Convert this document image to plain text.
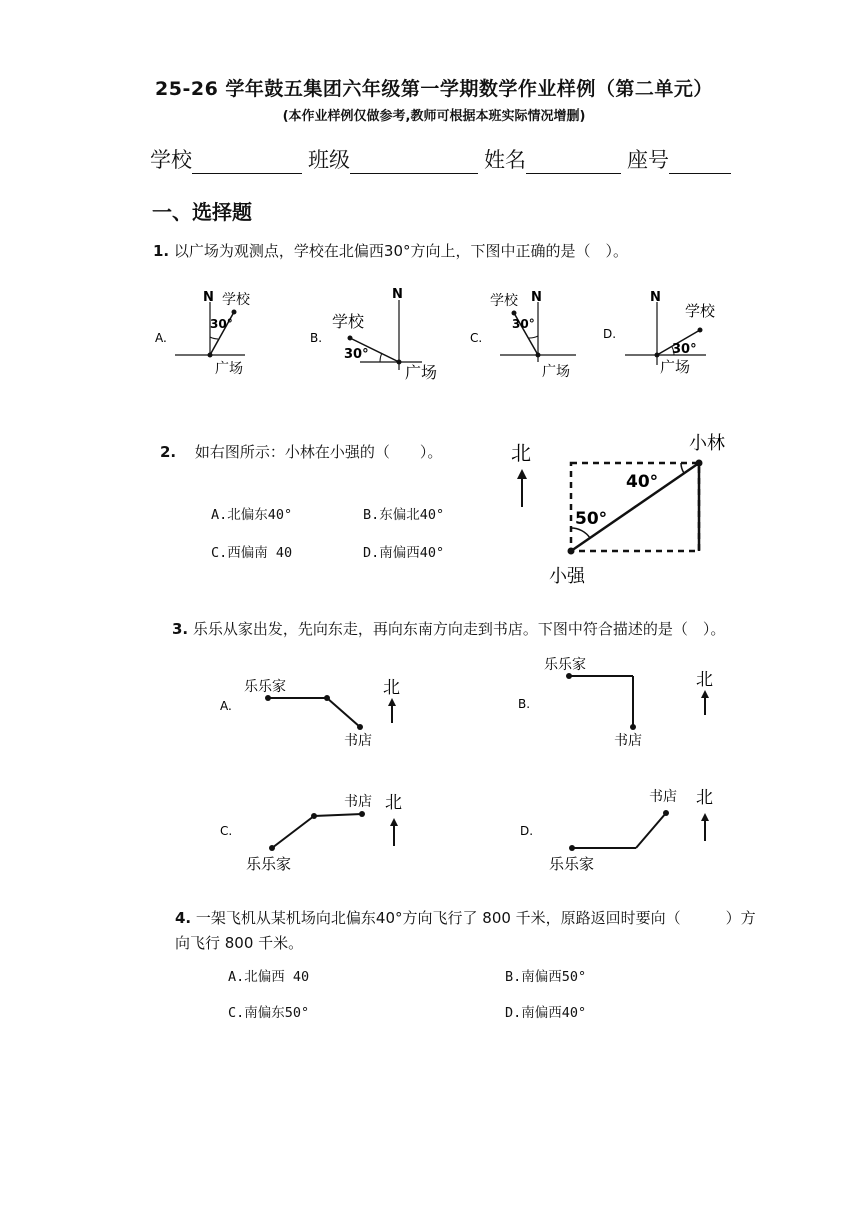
25-26 学年鼓五集团六年级第一学期数学作业样例（第二单元）
(本作业样例仅做参考,教师可根据本班实际情况增删)
学校	班级	姓名	座号
一、选择题
1. 以广场为观测点，学校在北偏西30°方向上，下图中正确的是（　）。
A.
N 学校
30°
广场
B.
N
学校
30°
广场
C.
N
学校
30°
广场
D.
N
学校
30°
广场
2. 如右图所示：小林在小强的（　　）。
A.北偏东40°	B.东偏北40°
C.西偏南 40	D.南偏西40°
北	小林
小强
40°
50°
3. 乐乐从家出发，先向东走，再向东南方向走到书店。下图中符合描述的是（　）。
A.
乐乐家
书店
北
B.
乐乐家
书店
北
C.
乐乐家
书店 北
D.
乐乐家
书店 北
4. 一架飞机从某机场向北偏东40°方向飞行了 800 千米，原路返回时要向（　　　）方
向飞行 800 千米。
A.北偏西 40	B.南偏西50°
C.南偏东50°	D.南偏西40°
